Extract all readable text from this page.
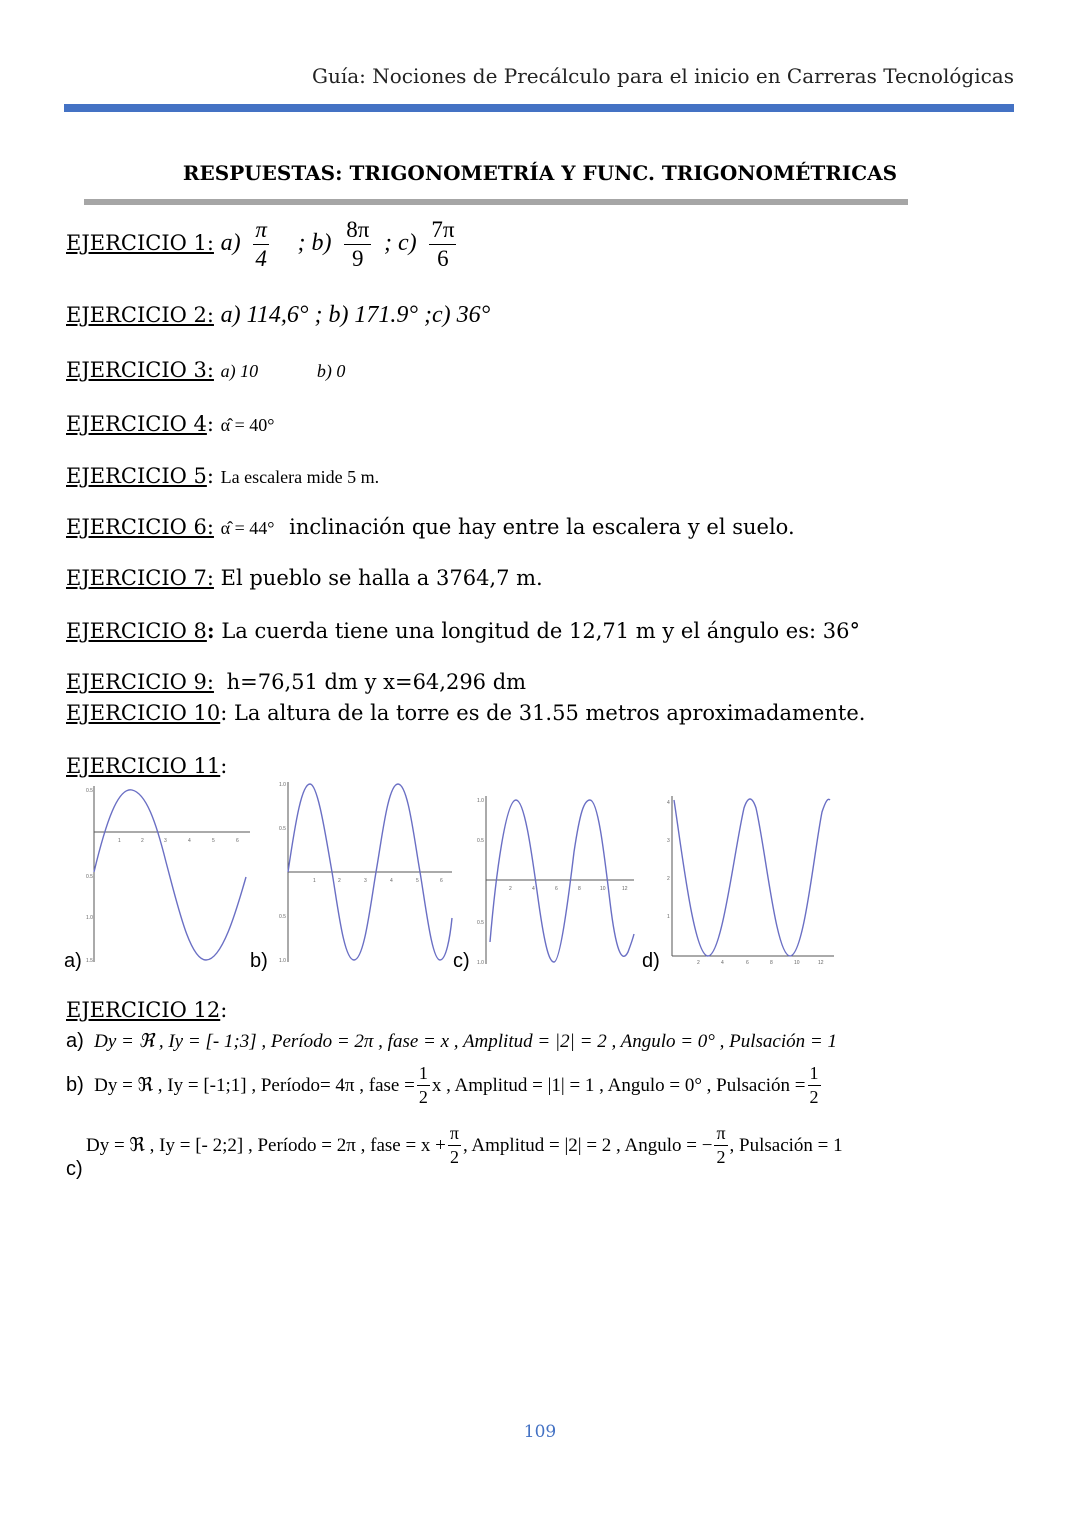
Guía: Nociones de Precálculo para el inicio en Carreras Tecnológicas
RESPUESTAS: TRIGONOMETRÍA Y FUNC. TRIGONOMÉTRICAS
EJERCICIO 1: $a) \frac{\pi}{4}$ ; $b) \frac{8\pi}{9}$ ; $c) \frac{7\pi}{6}$
EJERCICIO 2: a) 114,6° ; b) 171.9° ;c) 36°
EJERCICIO 3: a) 10	b) 0
EJERCICIO 4: α̂ = 40°
EJERCICIO 5: La escalera mide 5 m.
EJERCICIO 6: α̂ = 44° inclinación que hay entre la escalera y el suelo.
EJERCICIO 7: El pueblo se halla a 3764,7 m.
EJERCICIO 8: La cuerda tiene una longitud de 12,71 m y el ángulo es: 36°
EJERCICIO 9: h=76,51 dm y x=64,296 dm
EJERCICIO 10: La altura de la torre es de 31.55 metros aproximadamente.
EJERCICIO 11:
0.5
0.5
1.0
1.5
1	2	3	4	5	6
a)
1.0
0.5
0.5
1.0
1	2	3	4	5	6
b)
1.0
0.5
0.5
1.0
2	4	6	8	10	12
c)
4
3
2
1
2	4	6	8	10	12
d)
EJERCICIO 12:
a) Dy = ℜ , Iy = [- 1;3] , Período = 2π , fase = x , Amplitud = |2| = 2 , Angulo = 0° , Pulsación = 1
b) Dy = ℜ , Iy = [-1;1] , Período= 4π , fase = $\frac{1}{2}$ x , Amplitud = |1| = 1 , Angulo = 0° , Pulsación = $\frac{1}{2}$
Dy = ℜ , Iy = [- 2;2] , Período = 2π , fase = $x + \frac{\pi}{2}$ , Amplitud = |2| = 2 , Angulo = − $\frac{\pi}{2}$ , Pulsación = 1
c)
109
